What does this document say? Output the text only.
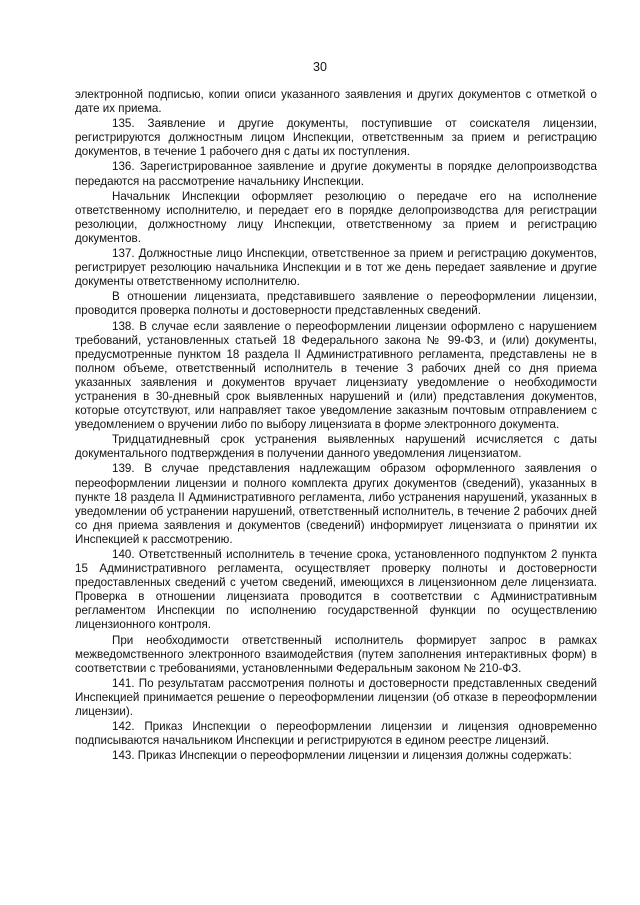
30

электронной подписью, копии описи указанного заявления и других документов с отметкой о дате их приема.

135. Заявление и другие документы, поступившие от соискателя лицензии, регистрируются должностным лицом Инспекции, ответственным за прием и регистрацию документов, в течение 1 рабочего дня с даты их поступления.

136. Зарегистрированное заявление и другие документы в порядке делопроизводства передаются на рассмотрение начальнику Инспекции.

Начальник Инспекции оформляет резолюцию о передаче его на исполнение ответственному исполнителю, и передает его в порядке делопроизводства для регистрации резолюции, должностному лицу Инспекции, ответственному за прием и регистрацию документов.

137. Должностные лицо Инспекции, ответственное за прием и регистрацию документов, регистрирует резолюцию начальника Инспекции и в тот же день передает заявление и другие документы ответственному исполнителю.

В отношении лицензиата, представившего заявление о переоформлении лицензии, проводится проверка полноты и достоверности представленных сведений.

138. В случае если заявление о переоформлении лицензии оформлено с нарушением требований, установленных статьей 18 Федерального закона № 99-ФЗ, и (или) документы, предусмотренные пунктом 18 раздела II Административного регламента, представлены не в полном объеме, ответственный исполнитель в течение 3 рабочих дней со дня приема указанных заявления и документов вручает лицензиату уведомление о необходимости устранения в 30-дневный срок выявленных нарушений и (или) представления документов, которые отсутствуют, или направляет такое уведомление заказным почтовым отправлением с уведомлением о вручении либо по выбору лицензиата в форме электронного документа.

Тридцатидневный срок устранения выявленных нарушений исчисляется с даты документального подтверждения в получении данного уведомления лицензиатом.

139. В случае представления надлежащим образом оформленного заявления о переоформлении лицензии и полного комплекта других документов (сведений), указанных в пункте 18 раздела II Административного регламента, либо устранения нарушений, указанных в уведомлении об устранении нарушений, ответственный исполнитель, в течение 2 рабочих дней со дня приема заявления и документов (сведений) информирует лицензиата о принятии их Инспекцией к рассмотрению.

140. Ответственный исполнитель в течение срока, установленного подпунктом 2 пункта 15 Административного регламента, осуществляет проверку полноты и достоверности предоставленных сведений с учетом сведений, имеющихся в лицензионном деле лицензиата. Проверка в отношении лицензиата проводится в соответствии с Административным регламентом Инспекции по исполнению государственной функции по осуществлению лицензионного контроля.

При необходимости ответственный исполнитель формирует запрос в рамках межведомственного электронного взаимодействия (путем заполнения интерактивных форм) в соответствии с требованиями, установленными Федеральным законом № 210-ФЗ.

141. По результатам рассмотрения полноты и достоверности представленных сведений Инспекцией принимается решение о переоформлении лицензии (об отказе в переоформлении лицензии).

142. Приказ Инспекции о переоформлении лицензии и лицензия одновременно подписываются начальником Инспекции и регистрируются в едином реестре лицензий.

143. Приказ Инспекции о переоформлении лицензии и лицензия должны содержать:
